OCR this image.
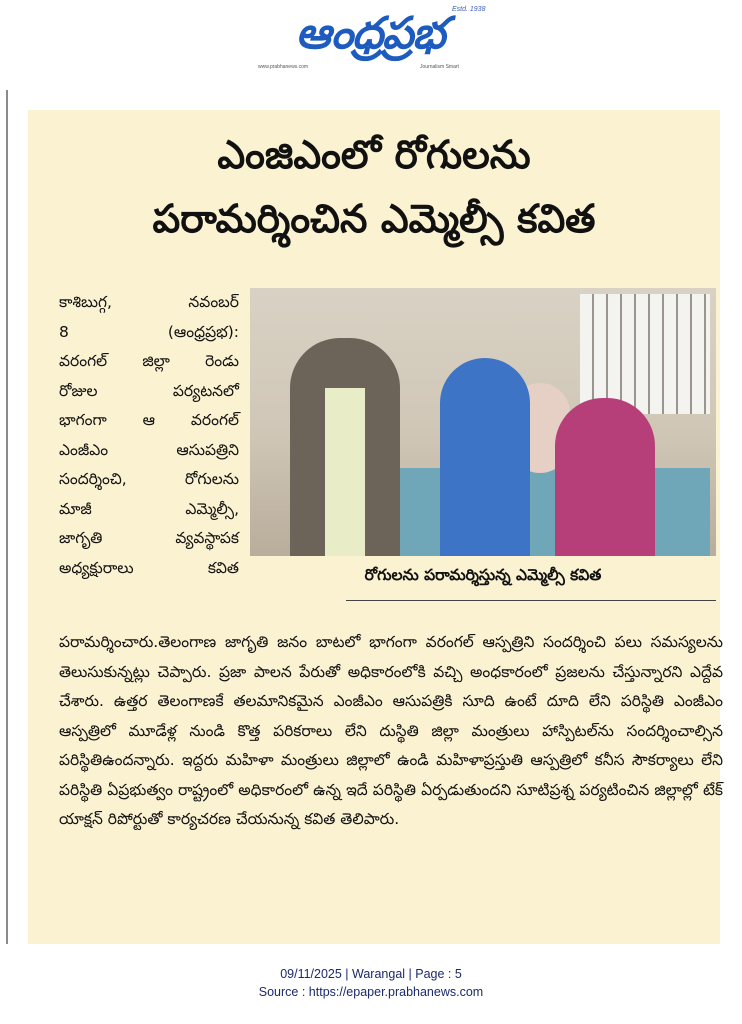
ఆంధ్రప్రభ	Estd. 1938
www.prabhanews.com	Journalism Smart
ఎంజిఎంలో రోగులను
పరామర్శించిన ఎమ్మెల్సీ కవిత

కాశిబుగ్గ, నవంబర్
8 (ఆంధ్రప్రభ):
వరంగల్ జిల్లా రెండు
రోజుల పర్యటనలో
భాగంగా ఆ వరంగల్
ఎంజీఎం ఆసుపత్రిని
సందర్శించి, రోగులను
మాజీ ఎమ్మెల్సీ,
జాగృతి వ్యవస్థాపక
అధ్యక్షురాలు కవిత

పరామర్శించారు.తెలంగాణ జాగృతి జనం బాటలో భాగంగా వరంగల్ ఆస్పత్రిని సందర్శించి పలు సమస్యలను తెలుసుకున్నట్లు చెప్పారు. ప్రజా పాలన పేరుతో అధికారంలోకి వచ్చి అంధకారంలో ప్రజలను చేస్తున్నారని ఎద్దేవ చేశారు. ఉత్తర తెలంగాణకే తలమానికమైన ఎంజీఎం ఆసుపత్రికి సూది ఉంటే దూది లేని పరిస్థితి ఎంజీఎం ఆస్పత్రిలో మూడేళ్ల నుండి కొత్త పరికరాలు లేని దుస్థితి జిల్లా మంత్రులు హాస్పిటల్‌ను సందర్శించాల్సిన పరిస్థితిఉందన్నారు. ఇద్దరు మహిళా మంత్రులు జిల్లాలో ఉండి మహిళాప్రస్తుతి ఆస్పత్రిలో కనీస సౌకర్యాలు లేని పరిస్థితి ఏప్రభుత్వం రాష్ట్రంలో అధికారంలో ఉన్న ఇదే పరిస్థితి ఏర్పడుతుందని సూటిప్రశ్న పర్యటించిన జిల్లాల్లో టేక్ యాక్షన్ రిపోర్టుతో కార్యచరణ చేయనున్న కవిత తెలిపారు.

రోగులను పరామర్శిస్తున్న ఎమ్మెల్సీ కవిత

09/11/2025 | Warangal | Page : 5

Source : https://epaper.prabhanews.com
